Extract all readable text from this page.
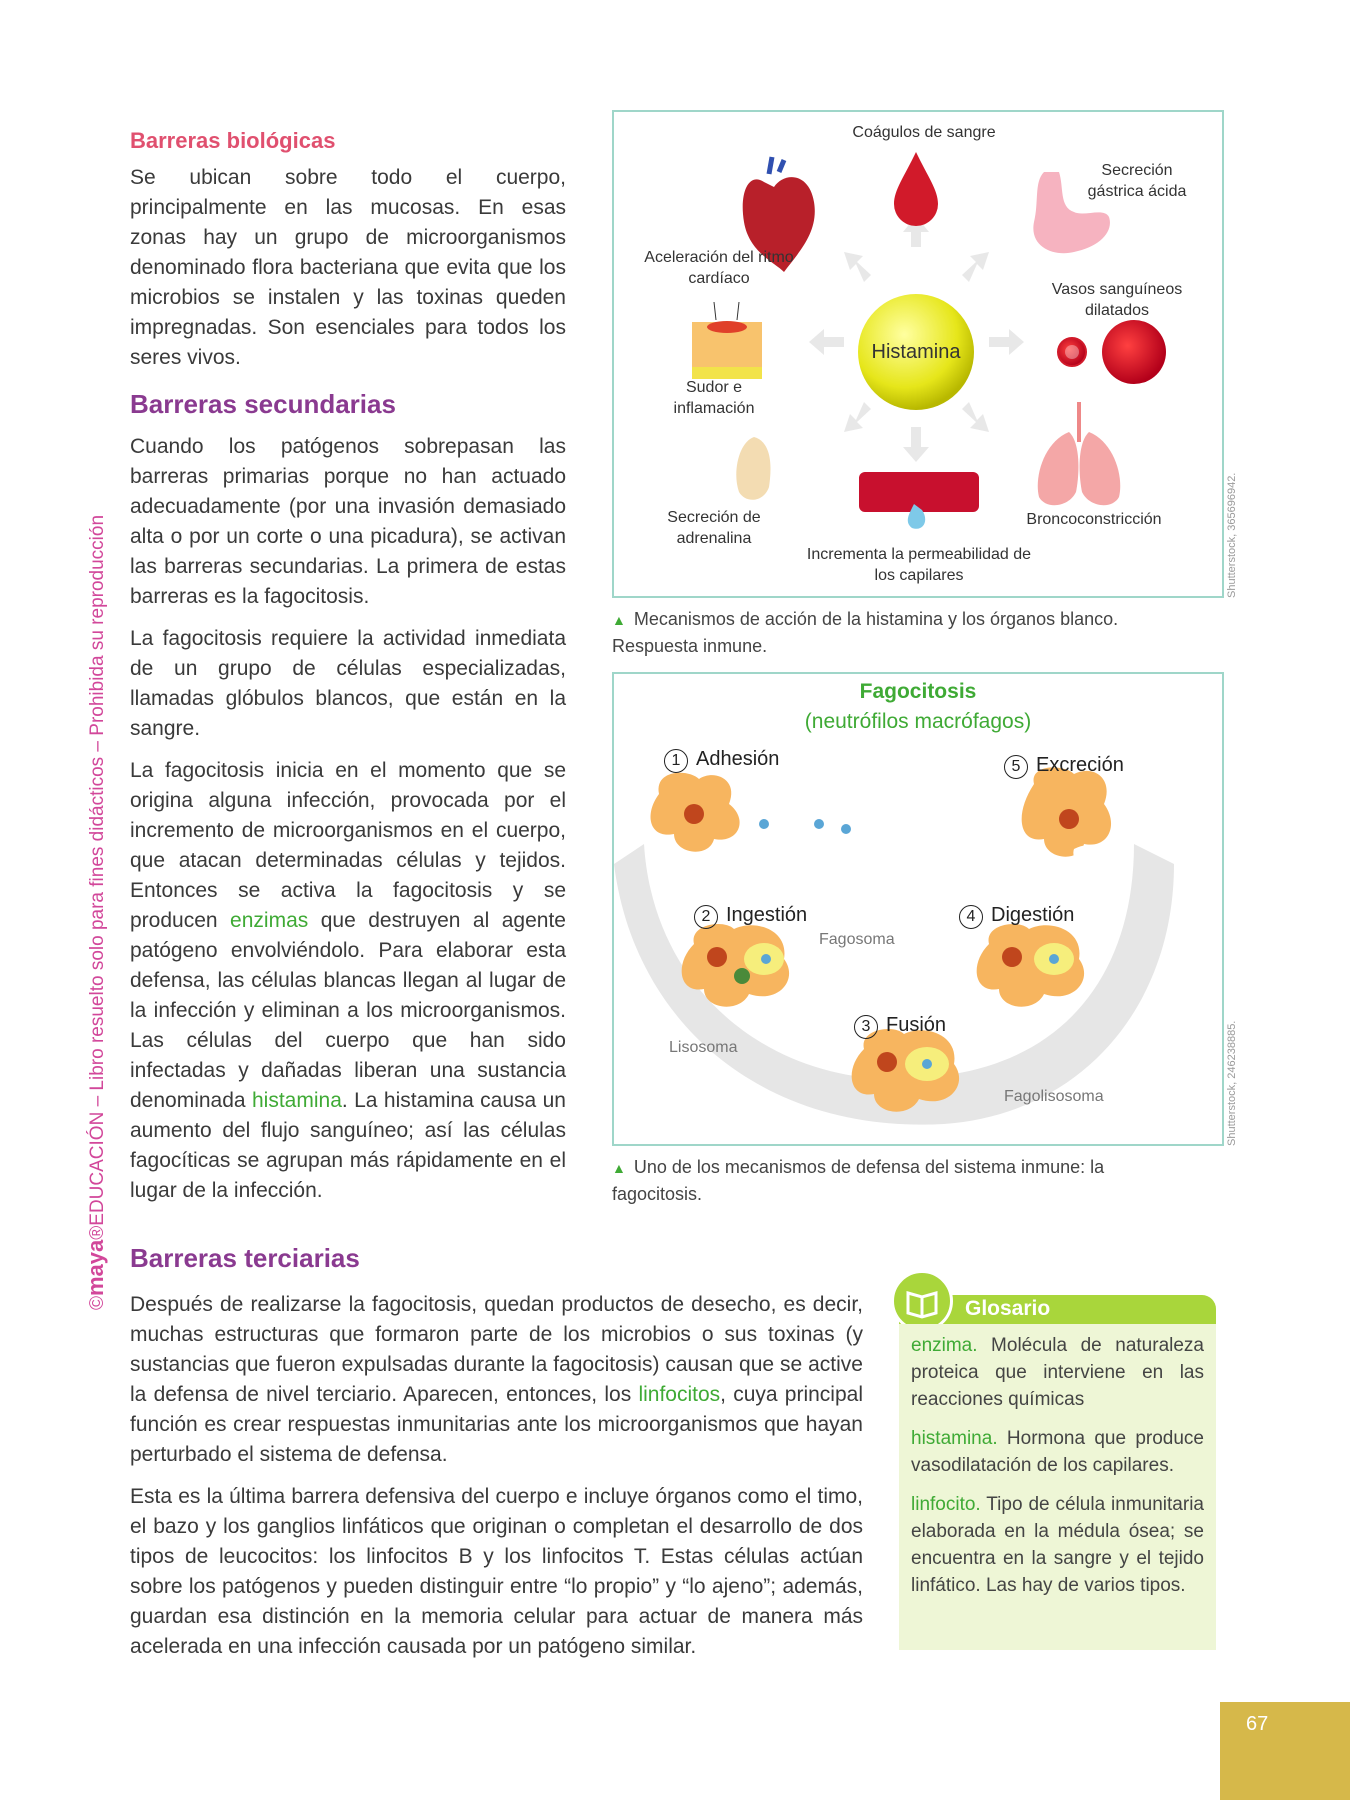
©maya®EDUCACIÓN – Libro resuelto solo para fines didácticos – Prohibida su reproducción
Barreras biológicas

Se ubican sobre todo el cuerpo, principalmente en las mucosas. En esas zonas hay un grupo de microorganismos denominado flora bacteriana que evita que los microbios se instalen y las toxinas queden impregnadas. Son esenciales para todos los seres vivos.

Barreras secundarias

Cuando los patógenos sobrepasan las barreras primarias porque no han actuado adecuadamente (por una invasión demasiado alta o por un corte o una picadura), se activan las barreras secundarias. La primera de estas barreras es la fagocitosis.

La fagocitosis requiere la actividad inmediata de un grupo de células especializadas, llamadas glóbulos blancos, que están en la sangre.

La fagocitosis inicia en el momento que se origina alguna infección, provocada por el incremento de microorganismos en el cuerpo, que atacan determinadas células y tejidos. Entonces se activa la fagocitosis y se producen enzimas que destruyen al agente patógeno envolviéndolo. Para elaborar esta defensa, las células blancas llegan al lugar de la infección y eliminan a los microorganismos. Las células del cuerpo que han sido infectadas y dañadas liberan una sustancia denominada histamina. La histamina causa un aumento del flujo sanguíneo; así las células fagocíticas se agrupan más rápidamente en el lugar de la infección.

Coágulos de sangre
Secreción gástrica ácida
Aceleración del ritmo cardíaco
Vasos sanguíneos dilatados
Sudor e inflamación
Secreción de adrenalina
Broncoconstricción
Incrementa la permeabilidad de los capilares
Histamina
Shutterstock, 365696942.
▲ Mecanismos de acción de la histamina y los órganos blanco. Respuesta inmune.
Fagocitosis
(neutrófilos macrófagos)
1 Adhesión	5 Excreción
2 Ingestión	4 Digestión
3 Fusión
Fagosoma
Lisosoma
Fagolisosoma	Shutterstock, 246238885.
▲ Uno de los mecanismos de defensa del sistema inmune: la fagocitosis.
Barreras terciarias

Después de realizarse la fagocitosis, quedan productos de desecho, es decir, muchas estructuras que formaron parte de los microbios o sus toxinas (y sustancias que fueron expulsadas durante la fagocitosis) causan que se active la defensa de nivel terciario. Aparecen, entonces, los linfocitos, cuya principal función es crear respuestas inmunitarias ante los microorganismos que hayan perturbado el sistema de defensa.

Esta es la última barrera defensiva del cuerpo e incluye órganos como el timo, el bazo y los ganglios linfáticos que originan o completan el desarrollo de dos tipos de leucocitos: los linfocitos B y los linfocitos T. Estas células actúan sobre los patógenos y pueden distinguir entre “lo propio” y “lo ajeno”; además, guardan esa distinción en la memoria celular para actuar de manera más acelerada en una infección causada por un patógeno similar.

Glosario
enzima. Molécula de naturaleza proteica que interviene en las reacciones químicas
histamina. Hormona que produce vasodilatación de los capilares.
linfocito. Tipo de célula inmunitaria elaborada en la médula ósea; se encuentra en la sangre y el tejido linfático. Las hay de varios tipos.
67
